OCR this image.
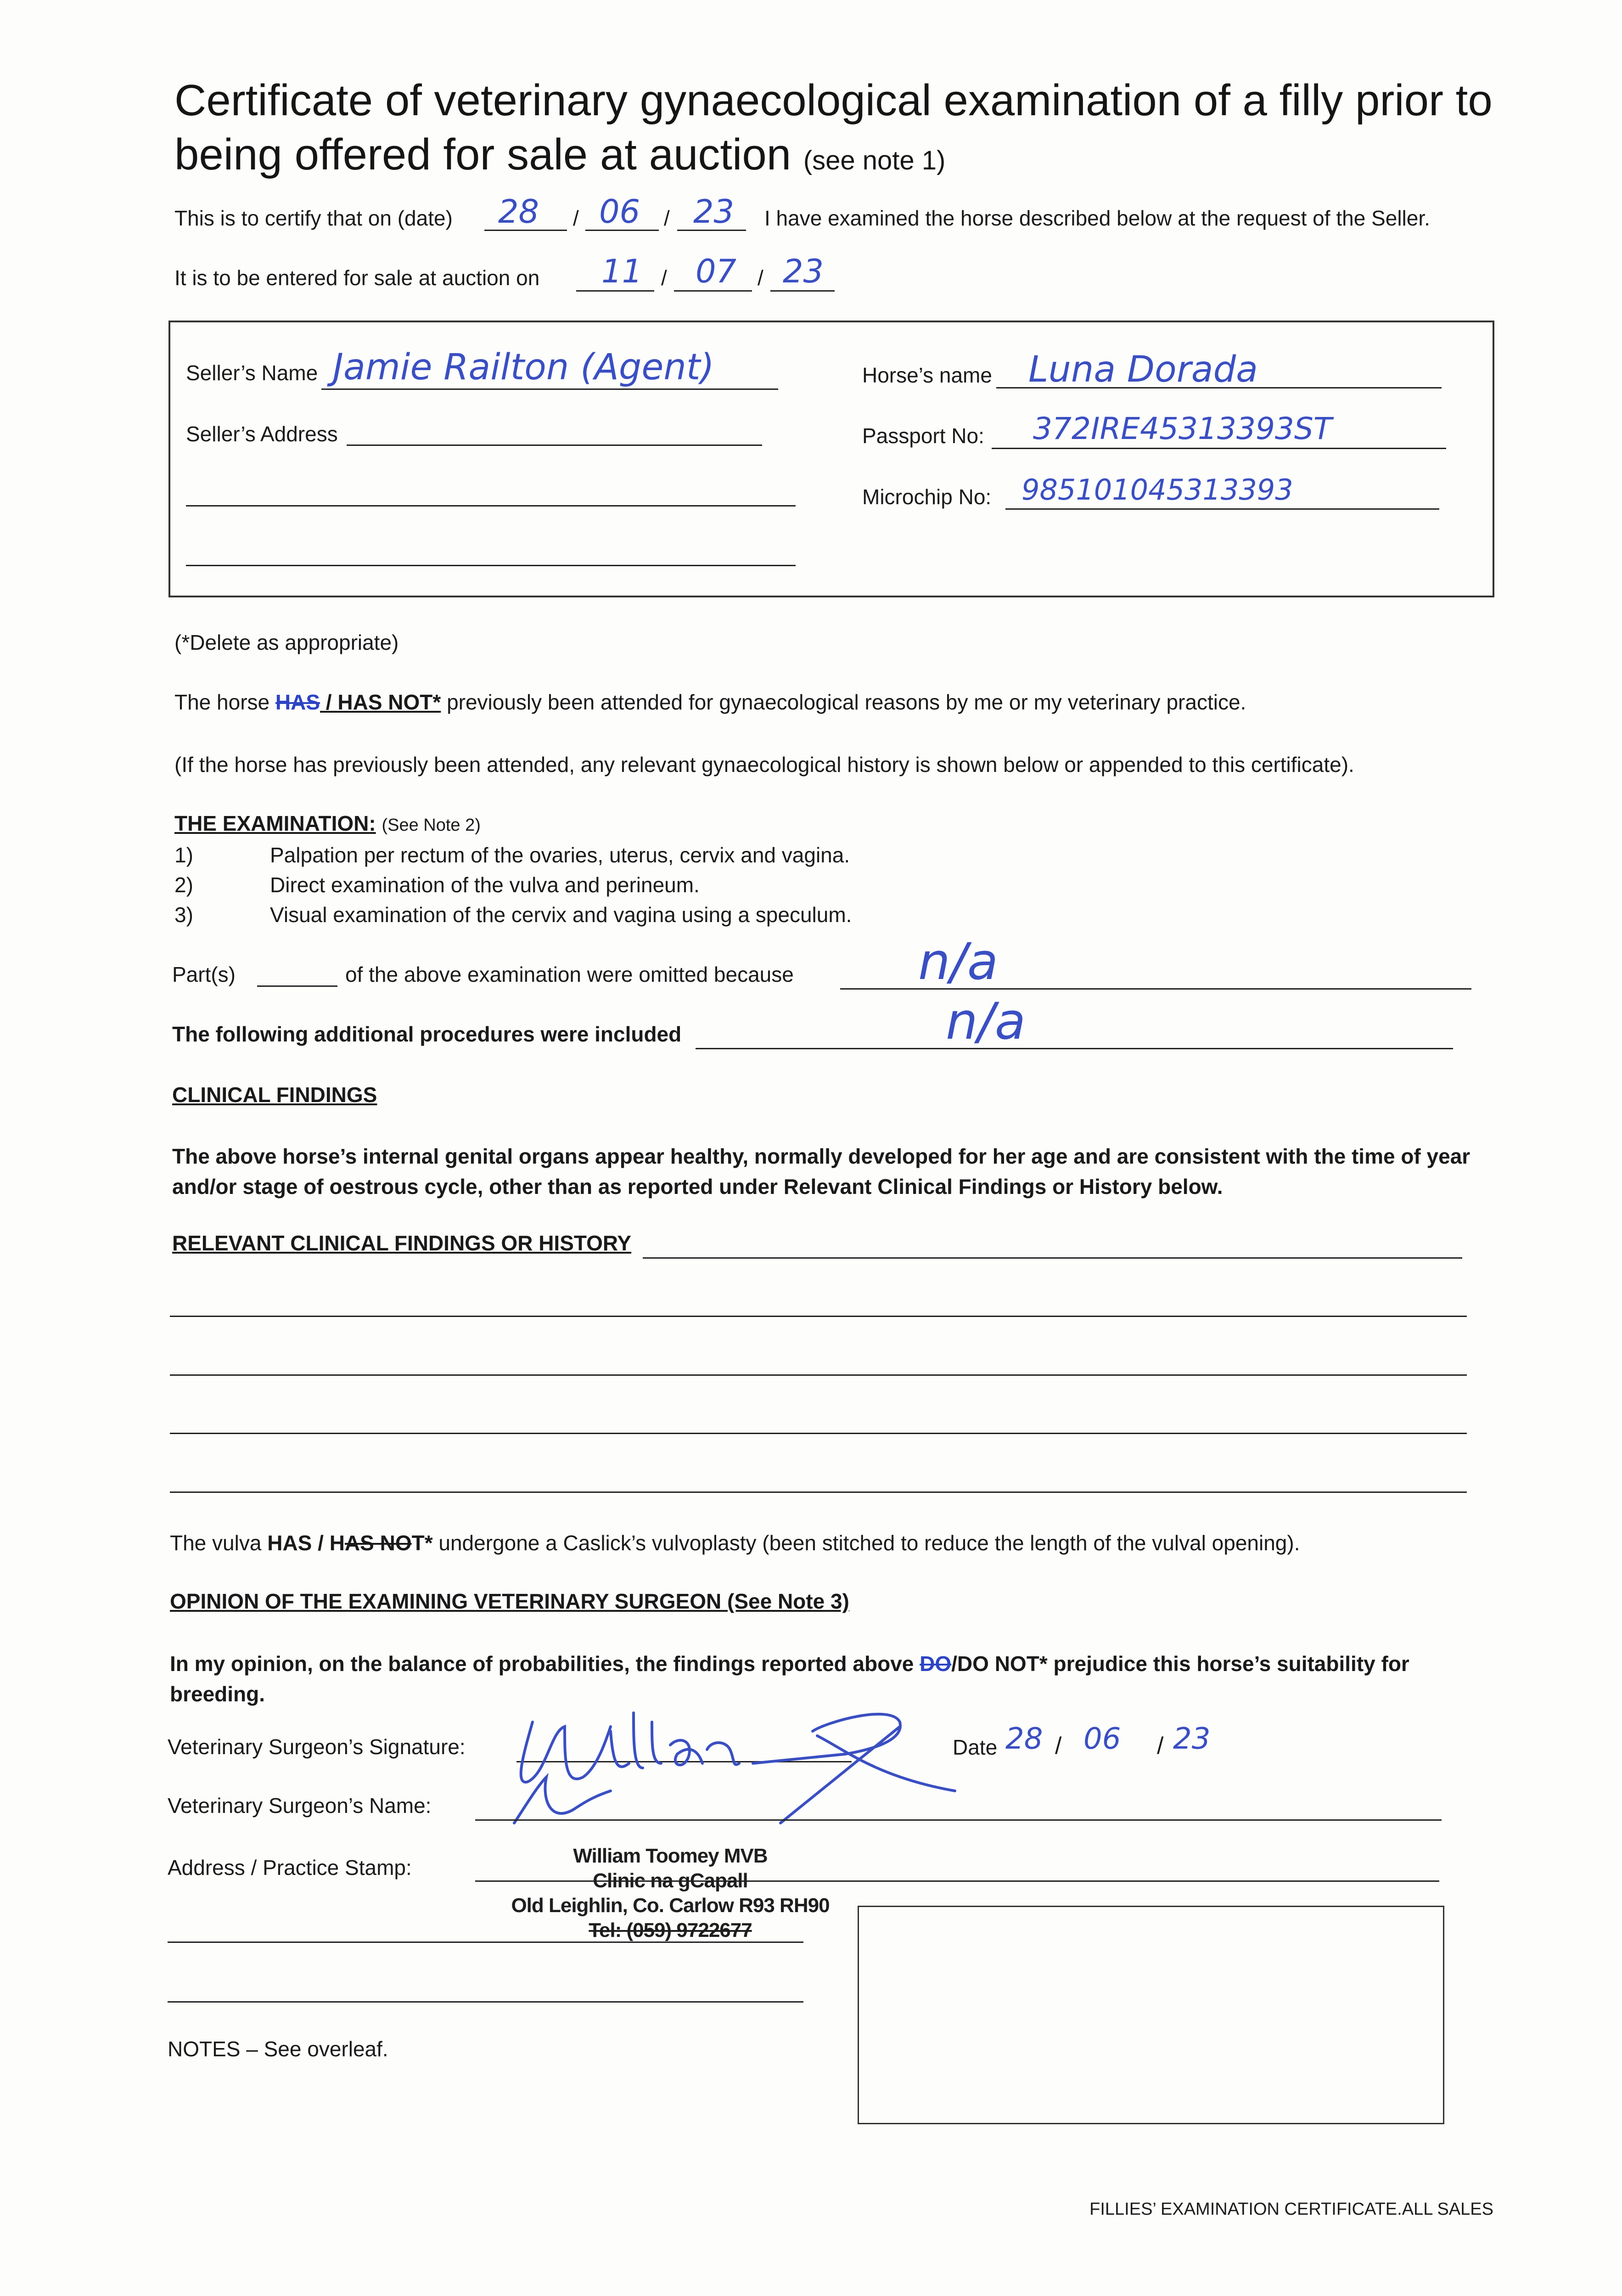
Certificate of veterinary gynaecological examination of a filly prior to being offered for sale at auction (see note 1)
This is to certify that on (date)	/	/
28 06 23 I have examined the horse described below at the request of the Seller.
It is to be entered for sale at auction on	/	/
11 07 23
Seller’s Name Jamie Railton (Agent)
Seller’s Address
Horse’s name Luna Dorada
Passport No: 372IRE45313393ST
Microchip No: 985101045313393
(*Delete as appropriate)
The horse HAS / HAS NOT* previously been attended for gynaecological reasons by me or my veterinary practice.
(If the horse has previously been attended, any relevant gynaecological history is shown below or appended to this certificate).
THE EXAMINATION: (See Note 2)
1)	Palpation per rectum of the ovaries, uterus, cervix and vagina.
2)	Direct examination of the vulva and perineum.
3)	Visual examination of the cervix and vagina using a speculum.
Part(s)	of the above examination were omitted because n/a
The following additional procedures were included	n/a
CLINICAL FINDINGS
The above horse’s internal genital organs appear healthy, normally developed for her age and are consistent with the time of year and/or stage of oestrous cycle, other than as reported under Relevant Clinical Findings or History below.
RELEVANT CLINICAL FINDINGS OR HISTORY
The vulva HAS / HAS NOT* undergone a Caslick’s vulvoplasty (been stitched to reduce the length of the vulval opening).
OPINION OF THE EXAMINING VETERINARY SURGEON (See Note 3)
In my opinion, on the balance of probabilities, the findings reported above DO/DO NOT* prejudice this horse’s suitability for
breeding.
Veterinary Surgeon’s Signature:	Date 28 / 06 / 23
Veterinary Surgeon’s Name:
Address / Practice Stamp:	William Toomey MVB
Clinic na gCapall
Old Leighlin, Co. Carlow R93 RH90
Tel: (059) 9722677
NOTES – See overleaf.
FILLIES’ EXAMINATION CERTIFICATE.ALL SALES
